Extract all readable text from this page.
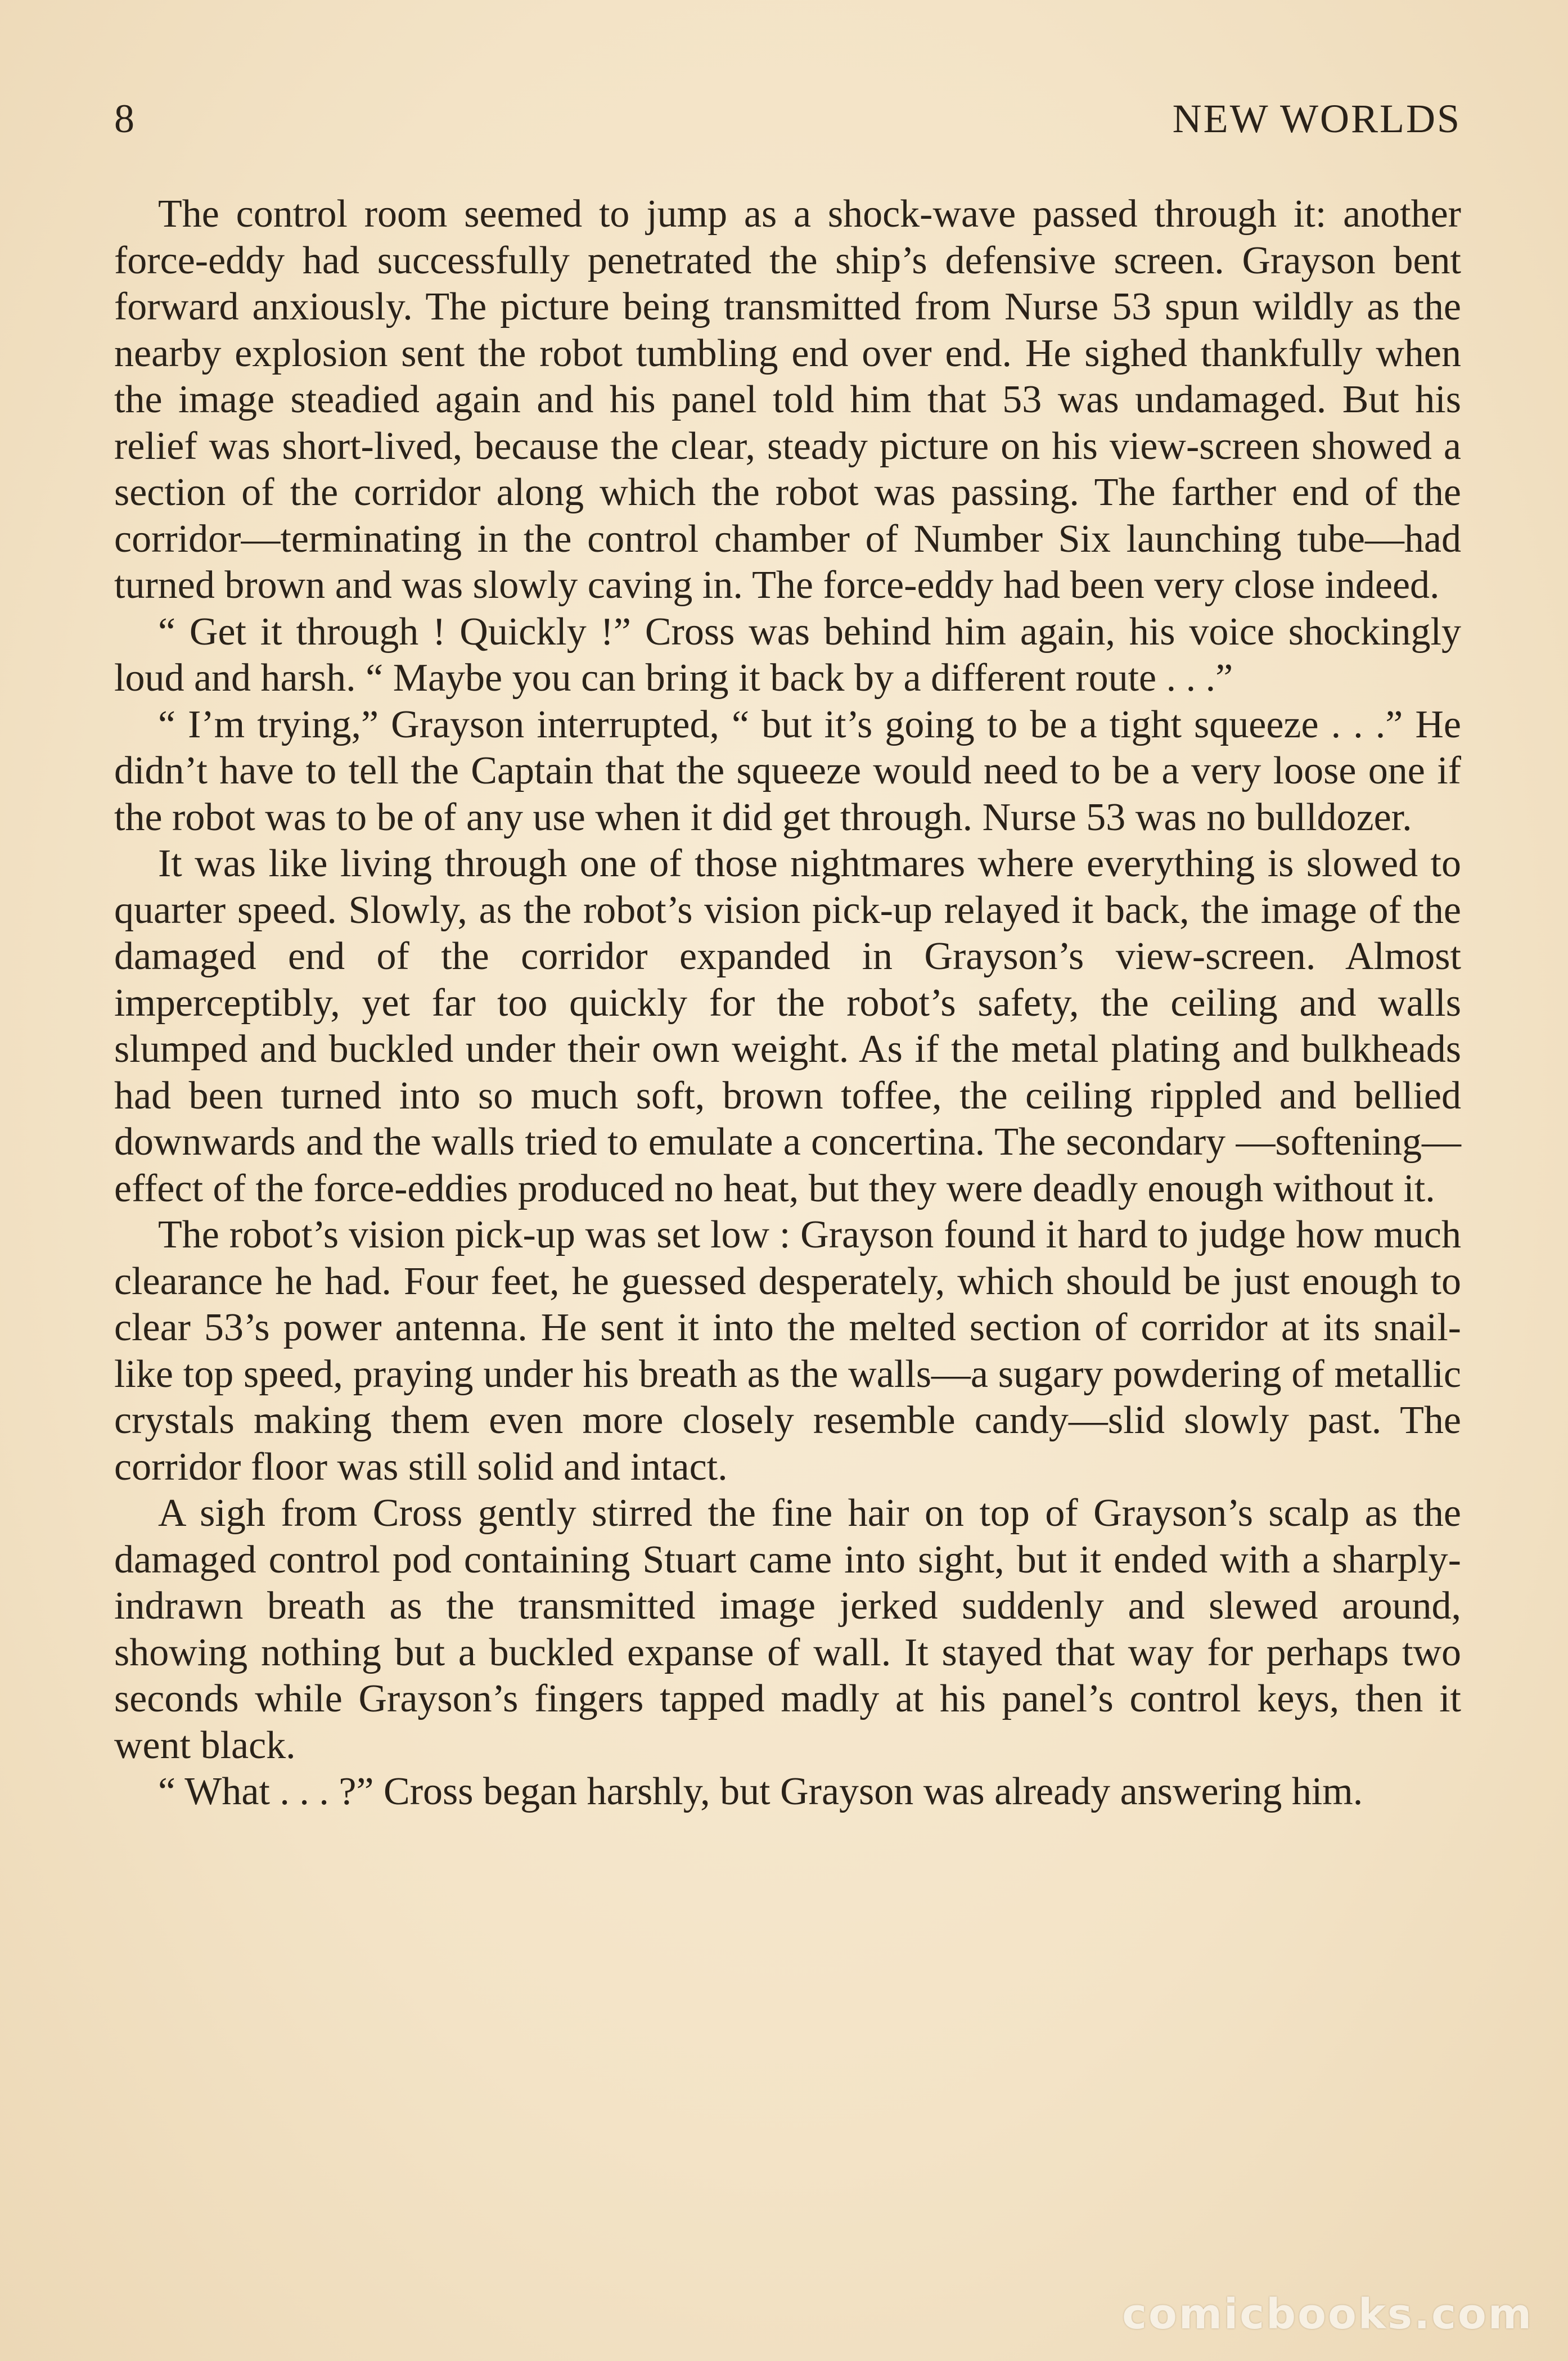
8	NEW WORLDS

The control room seemed to jump as a shock-wave passed through it: another force-eddy had successfully penetrated the ship’s defensive screen. Grayson bent forward anxiously. The picture being transmitted from Nurse 53 spun wildly as the nearby explosion sent the robot tumbling end over end. He sighed thankfully when the image steadied again and his panel told him that 53 was undamaged. But his relief was short-lived, because the clear, steady picture on his view-screen showed a section of the corridor along which the robot was passing. The farther end of the corridor—terminating in the control chamber of Number Six launching tube—had turned brown and was slowly caving in. The force-eddy had been very close indeed.

“ Get it through ! Quickly !” Cross was behind him again, his voice shockingly loud and harsh. “ Maybe you can bring it back by a different route . . .”

“ I’m trying,” Grayson interrupted, “ but it’s going to be a tight squeeze . . .” He didn’t have to tell the Captain that the squeeze would need to be a very loose one if the robot was to be of any use when it did get through. Nurse 53 was no bulldozer.

It was like living through one of those nightmares where everything is slowed to quarter speed. Slowly, as the robot’s vision pick-up relayed it back, the image of the damaged end of the corridor expanded in Grayson’s view-screen. Almost imperceptibly, yet far too quickly for the robot’s safety, the ceiling and walls slumped and buckled under their own weight. As if the metal plating and bulkheads had been turned into so much soft, brown toffee, the ceiling rippled and bellied downwards and the walls tried to emulate a concertina. The secondary —softening—effect of the force-eddies produced no heat, but they were deadly enough without it.

The robot’s vision pick-up was set low : Grayson found it hard to judge how much clearance he had. Four feet, he guessed desperately, which should be just enough to clear 53’s power antenna. He sent it into the melted section of corridor at its snail-like top speed, praying under his breath as the walls—a sugary powdering of metallic crystals making them even more closely resemble candy—slid slowly past. The corridor floor was still solid and intact.

A sigh from Cross gently stirred the fine hair on top of Grayson’s scalp as the damaged control pod containing Stuart came into sight, but it ended with a sharply-indrawn breath as the transmitted image jerked suddenly and slewed around, showing nothing but a buckled expanse of wall. It stayed that way for perhaps two seconds while Grayson’s fingers tapped madly at his panel’s control keys, then it went black.

“ What . . . ?” Cross began harshly, but Grayson was already answering him.

comicbooks.com
